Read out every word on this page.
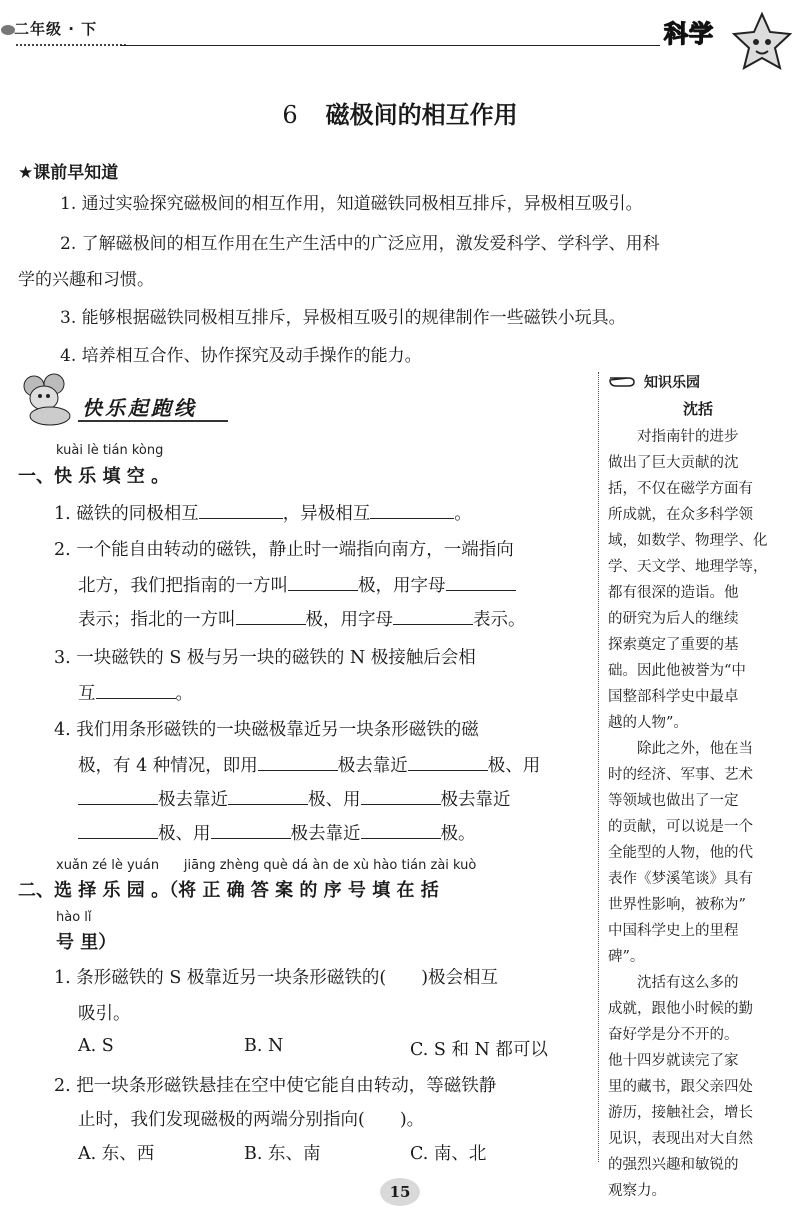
二年级 · 下	科学
6 磁极间的相互作用
★课前早知道
1. 通过实验探究磁极间的相互作用，知道磁铁同极相互排斥，异极相互吸引。
2. 了解磁极间的相互作用在生产生活中的广泛应用，激发爱科学、学科学、用科
学的兴趣和习惯。
3. 能够根据磁铁同极相互排斥，异极相互吸引的规律制作一些磁铁小玩具。
4. 培养相互合作、协作探究及动手操作的能力。
快乐起跑线
kuài lè tián kòng
一、快 乐 填 空 。
1. 磁铁的同极相互	，异极相互	。
2. 一个能自由转动的磁铁，静止时一端指向南方，一端指向
北方，我们把指南的一方叫	极，用字母
表示；指北的一方叫	极，用字母	表示。
3. 一块磁铁的 S 极与另一块的磁铁的 N 极接触后会相
互	。
4. 我们用条形磁铁的一块磁极靠近另一块条形磁铁的磁
极，有 4 种情况，即用	极去靠近	极、用
极去靠近	极、用	极去靠近
极、用	极去靠近	极。
xuǎn zé lè yuán      jiāng zhèng què dá àn de xù hào tián zài kuò
二、选 择 乐 园 。（将 正 确 答 案 的 序 号 填 在 括
hào lǐ
号 里）
1. 条形磁铁的 S 极靠近另一块条形磁铁的(　　)极会相互
吸引。
A. S	B. N	C. S 和 N 都可以
2. 把一块条形磁铁悬挂在空中使它能自由转动，等磁铁静
止时，我们发现磁极的两端分别指向(　　)。
A. 东、西	B. 东、南	C. 南、北
知识乐园
沈括
　　对指南针的进步
做出了巨大贡献的沈
括，不仅在磁学方面有
所成就，在众多科学领
域，如数学、物理学、化
学、天文学、地理学等，
都有很深的造诣。他
的研究为后人的继续
探索奠定了重要的基
础。因此他被誉为“中
国整部科学史中最卓
越的人物”。
　　除此之外，他在当
时的经济、军事、艺术
等领域也做出了一定
的贡献，可以说是一个
全能型的人物，他的代
表作《梦溪笔谈》具有
世界性影响，被称为”
中国科学史上的里程
碑”。
　　沈括有这么多的
成就，跟他小时候的勤
奋好学是分不开的。
他十四岁就读完了家
里的藏书，跟父亲四处
游历，接触社会，增长
见识，表现出对大自然
的强烈兴趣和敏锐的
观察力。
15
